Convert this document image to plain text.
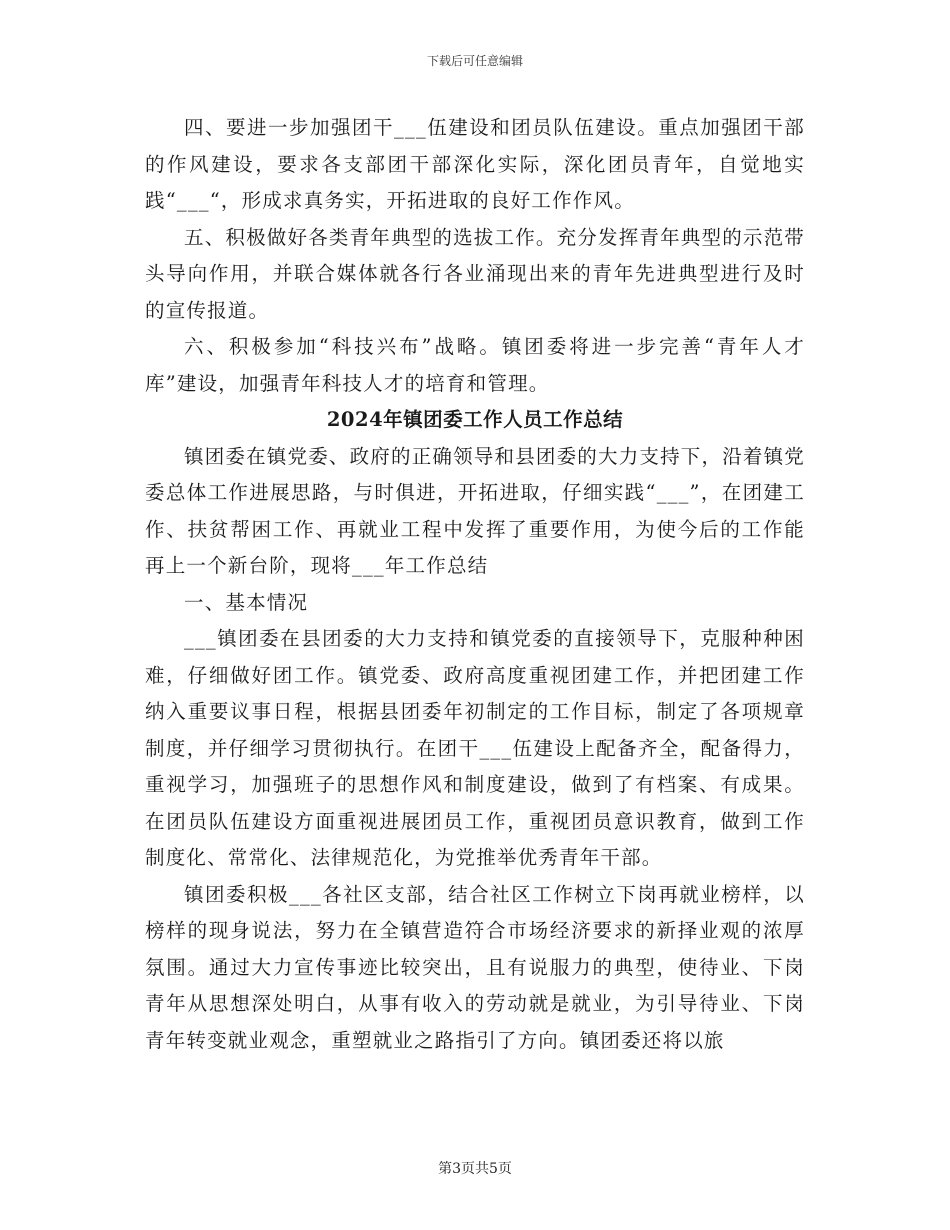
下载后可任意编辑

四、要进一步加强团干___伍建设和团员队伍建设。重点加强团干部的作风建设，要求各支部团干部深化实际，深化团员青年，自觉地实践“___“，形成求真务实，开拓进取的良好工作作风。

五、积极做好各类青年典型的选拔工作。充分发挥青年典型的示范带头导向作用，并联合媒体就各行各业涌现出来的青年先进典型进行及时的宣传报道。

六、积极参加“科技兴布”战略。镇团委将进一步完善“青年人才库”建设，加强青年科技人才的培育和管理。

2024年镇团委工作人员工作总结

镇团委在镇党委、政府的正确领导和县团委的大力支持下，沿着镇党委总体工作进展思路，与时俱进，开拓进取，仔细实践“___”，在团建工作、扶贫帮困工作、再就业工程中发挥了重要作用，为使今后的工作能再上一个新台阶，现将___年工作总结

一、基本情况

___镇团委在县团委的大力支持和镇党委的直接领导下，克服种种困难，仔细做好团工作。镇党委、政府高度重视团建工作，并把团建工作纳入重要议事日程，根据县团委年初制定的工作目标，制定了各项规章制度，并仔细学习贯彻执行。在团干___伍建设上配备齐全，配备得力，重视学习，加强班子的思想作风和制度建设，做到了有档案、有成果。在团员队伍建设方面重视进展团员工作，重视团员意识教育，做到工作制度化、常常化、法律规范化，为党推举优秀青年干部。

镇团委积极___各社区支部，结合社区工作树立下岗再就业榜样，以榜样的现身说法，努力在全镇营造符合市场经济要求的新择业观的浓厚氛围。通过大力宣传事迹比较突出，且有说服力的典型，使待业、下岗青年从思想深处明白，从事有收入的劳动就是就业，为引导待业、下岗青年转变就业观念，重塑就业之路指引了方向。镇团委还将以旅

第3页共5页
